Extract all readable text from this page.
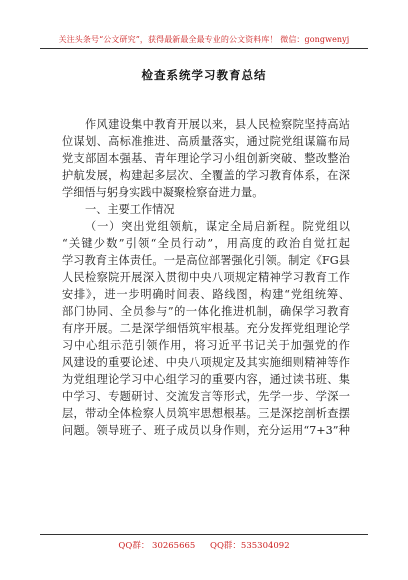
关注头条号“公文研究”，获得最新最全最专业的公文资料库！ 微信：gongwenyj
检查系统学习教育总结
作风建设集中教育开展以来，县人民检察院坚持高站
位谋划、高标准推进、高质量落实，通过院党组谋篇布局
党支部固本强基、青年理论学习小组创新突破、整改整治
护航发展，构建起多层次、全覆盖的学习教育体系，在深
学细悟与躬身实践中凝聚检察奋进力量。
一、主要工作情况
（一）突出党组领航，谋定全局启新程。院党组以
“关键少数”引领“全员行动”，用高度的政治自觉扛起
学习教育主体责任。一是高位部署强化引领。制定《FG县
人民检察院开展深入贯彻中央八项规定精神学习教育工作
安排》，进一步明确时间表、路线图，构建“党组统筹、
部门协同、全员参与”的一体化推进机制，确保学习教育
有序开展。二是深学细悟筑牢根基。充分发挥党组理论学
习中心组示范引领作用，将习近平书记关于加强党的作
风建设的重要论述、中央八项规定及其实施细则精神等作
为党组理论学习中心组学习的重要内容，通过读书班、集
中学习、专题研讨、交流发言等形式，先学一步、学深一
层，带动全体检察人员筑牢思想根基。三是深挖剖析查摆
问题。领导班子、班子成员以身作则，充分运用“7+3”种
QQ群： 30265665 QQ群：535304092
